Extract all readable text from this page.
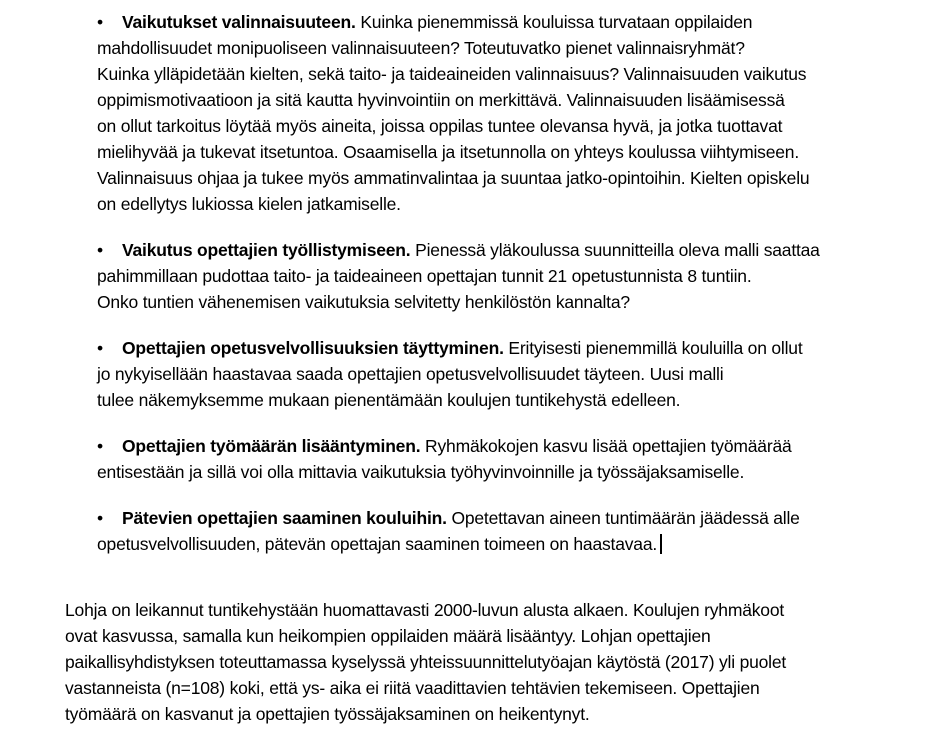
• Vaikutukset valinnaisuuteen. Kuinka pienemmissä kouluissa turvataan oppilaiden
mahdollisuudet monipuoliseen valinnaisuuteen? Toteutuvatko pienet valinnaisryhmät?
Kuinka ylläpidetään kielten, sekä taito- ja taideaineiden valinnaisuus? Valinnaisuuden vaikutus
oppimismotivaatioon ja sitä kautta hyvinvointiin on merkittävä. Valinnaisuuden lisäämisessä
on ollut tarkoitus löytää myös aineita, joissa oppilas tuntee olevansa hyvä, ja jotka tuottavat
mielihyvää ja tukevat itsetuntoa. Osaamisella ja itsetunnolla on yhteys koulussa viihtymiseen.
Valinnaisuus ohjaa ja tukee myös ammatinvalintaa ja suuntaa jatko-opintoihin. Kielten opiskelu
on edellytys lukiossa kielen jatkamiselle.
• Vaikutus opettajien työllistymiseen. Pienessä yläkoulussa suunnitteilla oleva malli saattaa
pahimmillaan pudottaa taito- ja taideaineen opettajan tunnit 21 opetustunnista 8 tuntiin.
Onko tuntien vähenemisen vaikutuksia selvitetty henkilöstön kannalta?
• Opettajien opetusvelvollisuuksien täyttyminen. Erityisesti pienemmillä kouluilla on ollut
jo nykyisellään haastavaa saada opettajien opetusvelvollisuudet täyteen. Uusi malli
tulee näkemyksemme mukaan pienentämään koulujen tuntikehystä edelleen.
• Opettajien työmäärän lisääntyminen. Ryhmäkokojen kasvu lisää opettajien työmäärää
entisestään ja sillä voi olla mittavia vaikutuksia työhyvinvoinnille ja työssäjaksamiselle.
• Pätevien opettajien saaminen kouluihin. Opetettavan aineen tuntimäärän jäädessä alle
opetusvelvollisuuden, pätevän opettajan saaminen toimeen on haastavaa.
Lohja on leikannut tuntikehystään huomattavasti 2000-luvun alusta alkaen. Koulujen ryhmäkoot
ovat kasvussa, samalla kun heikompien oppilaiden määrä lisääntyy. Lohjan opettajien
paikallisyhdistyksen toteuttamassa kyselyssä yhteissuunnittelutyöajan käytöstä (2017) yli puolet
vastanneista (n=108) koki, että ys- aika ei riitä vaadittavien tehtävien tekemiseen. Opettajien
työmäärä on kasvanut ja opettajien työssäjaksaminen on heikentynyt.
